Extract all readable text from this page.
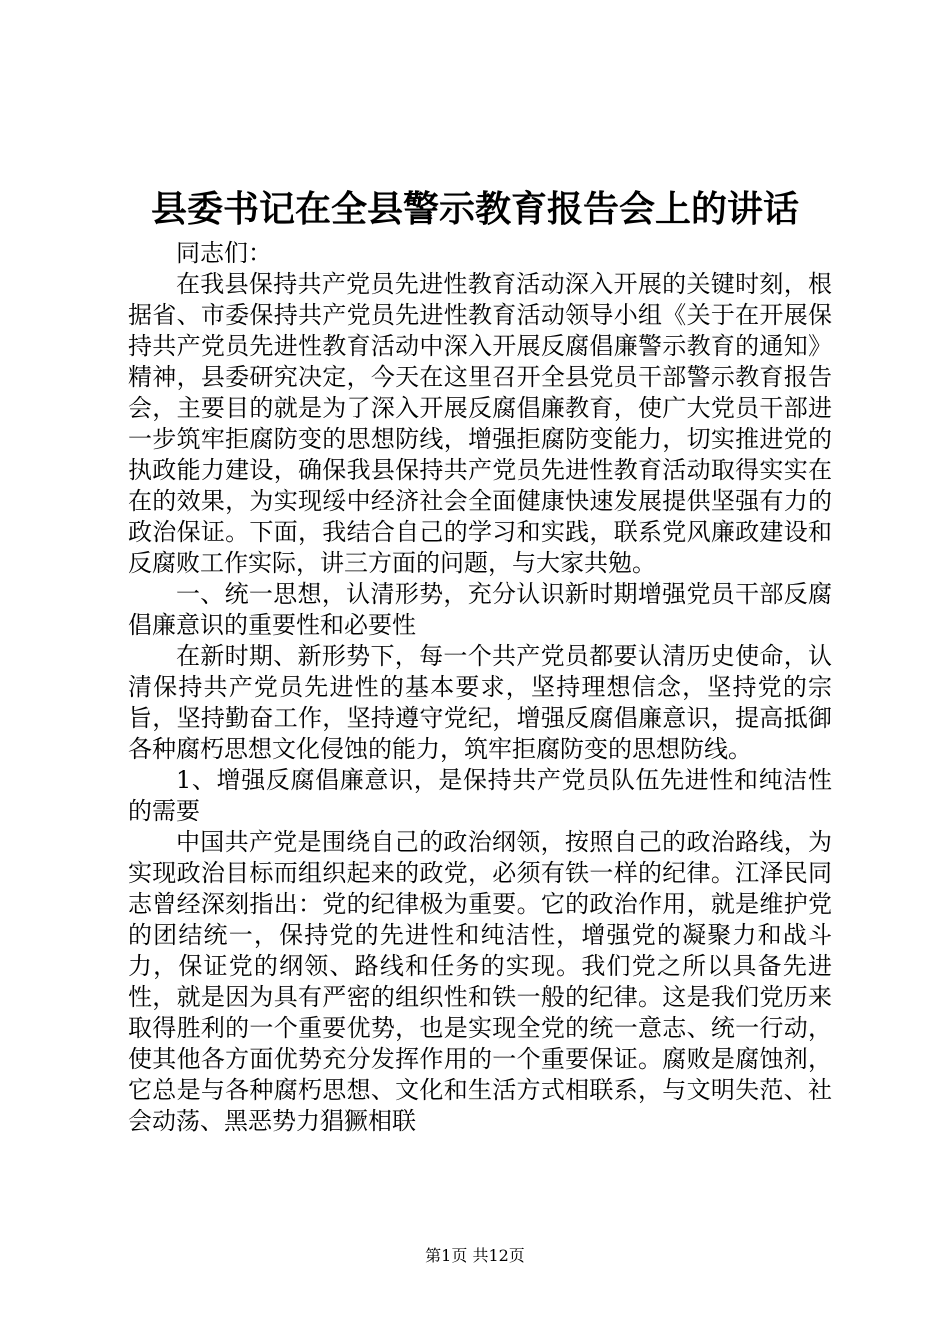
县委书记在全县警示教育报告会上的讲话

同志们：

在我县保持共产党员先进性教育活动深入开展的关键时刻，根据省、市委保持共产党员先进性教育活动领导小组《关于在开展保持共产党员先进性教育活动中深入开展反腐倡廉警示教育的通知》精神，县委研究决定，今天在这里召开全县党员干部警示教育报告会，主要目的就是为了深入开展反腐倡廉教育，使广大党员干部进一步筑牢拒腐防变的思想防线，增强拒腐防变能力，切实推进党的执政能力建设，确保我县保持共产党员先进性教育活动取得实实在在的效果，为实现绥中经济社会全面健康快速发展提供坚强有力的政治保证。下面，我结合自己的学习和实践，联系党风廉政建设和反腐败工作实际，讲三方面的问题，与大家共勉。

一、统一思想，认清形势，充分认识新时期增强党员干部反腐倡廉意识的重要性和必要性

在新时期、新形势下，每一个共产党员都要认清历史使命，认清保持共产党员先进性的基本要求，坚持理想信念，坚持党的宗旨，坚持勤奋工作，坚持遵守党纪，增强反腐倡廉意识，提高抵御各种腐朽思想文化侵蚀的能力，筑牢拒腐防变的思想防线。

1、增强反腐倡廉意识，是保持共产党员队伍先进性和纯洁性的需要

中国共产党是围绕自己的政治纲领，按照自己的政治路线，为实现政治目标而组织起来的政党，必须有铁一样的纪律。江泽民同志曾经深刻指出：党的纪律极为重要。它的政治作用，就是维护党的团结统一，保持党的先进性和纯洁性，增强党的凝聚力和战斗力，保证党的纲领、路线和任务的实现。我们党之所以具备先进性，就是因为具有严密的组织性和铁一般的纪律。这是我们党历来取得胜利的一个重要优势，也是实现全党的统一意志、统一行动，使其他各方面优势充分发挥作用的一个重要保证。腐败是腐蚀剂，它总是与各种腐朽思想、文化和生活方式相联系，与文明失范、社会动荡、黑恶势力猖獗相联

第1页 共12页
